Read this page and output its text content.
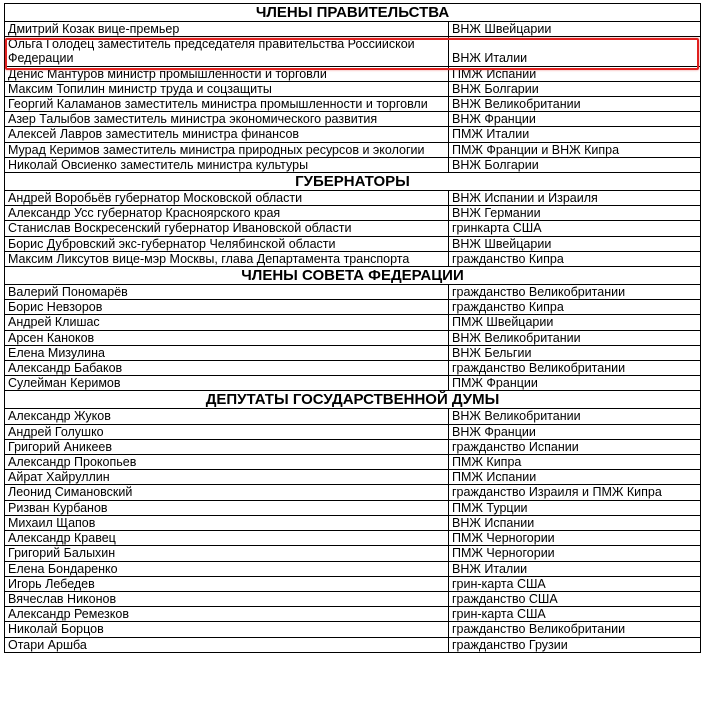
ЧЛЕНЫ ПРАВИТЕЛЬСТВА	
Дмитрий Козак вице-премьер	ВНЖ Швейцарии
Ольга Голодец заместитель председателя правительства Российской Федерации	ВНЖ Италии
Денис Мантуров министр промышленности и торговли	ПМЖ Испании
Максим Топилин министр труда и соцзащиты	ВНЖ Болгарии
Георгий Каламанов заместитель министра промышленности и торговли	ВНЖ Великобритании
Азер Талыбов заместитель министра экономического развития	ВНЖ Франции
Алексей Лавров заместитель министра финансов	ПМЖ Италии
Мурад Керимов заместитель министра природных ресурсов и экологии	ПМЖ Франции и ВНЖ Кипра
Николай Овсиенко заместитель министра культуры	ВНЖ Болгарии
ГУБЕРНАТОРЫ	
Андрей Воробьёв губернатор Московской области	ВНЖ Испании и Израиля
Александр Усс губернатор Красноярского края	ВНЖ Германии
Станислав Воскресенский губернатор Ивановской области	гринкарта США
Борис Дубровский экс-губернатор Челябинской области	ВНЖ Швейцарии
Максим Ликсутов вице-мэр Москвы, глава Департамента транспорта	гражданство Кипра
ЧЛЕНЫ СОВЕТА ФЕДЕРАЦИИ	
Валерий Пономарёв	гражданство Великобритании
Борис Невзоров	гражданство Кипра
Андрей Клишас	ПМЖ Швейцарии
Арсен Каноков	ВНЖ Великобритании
Елена Мизулина	ВНЖ Бельгии
Александр Бабаков	гражданство Великобритании
Сулейман Керимов	ПМЖ Франции
ДЕПУТАТЫ ГОСУДАРСТВЕННОЙ ДУМЫ	
Александр Жуков	ВНЖ Великобритании
Андрей Голушко	ВНЖ Франции
Григорий Аникеев	гражданство Испании
Александр Прокопьев	ПМЖ Кипра
Айрат Хайруллин	ПМЖ Испании
Леонид Симановский	гражданство Израиля и ПМЖ Кипра
Ризван Курбанов	ПМЖ Турции
Михаил Щапов	ВНЖ Испании
Александр Кравец	ПМЖ Черногории
Григорий Балыхин	ПМЖ Черногории
Елена Бондаренко	ВНЖ Италии
Игорь Лебедев	грин-карта США
Вячеслав Никонов	гражданство США
Александр Ремезков	грин-карта США
Николай Борцов	гражданство Великобритании
Отари Аршба	гражданство Грузии
